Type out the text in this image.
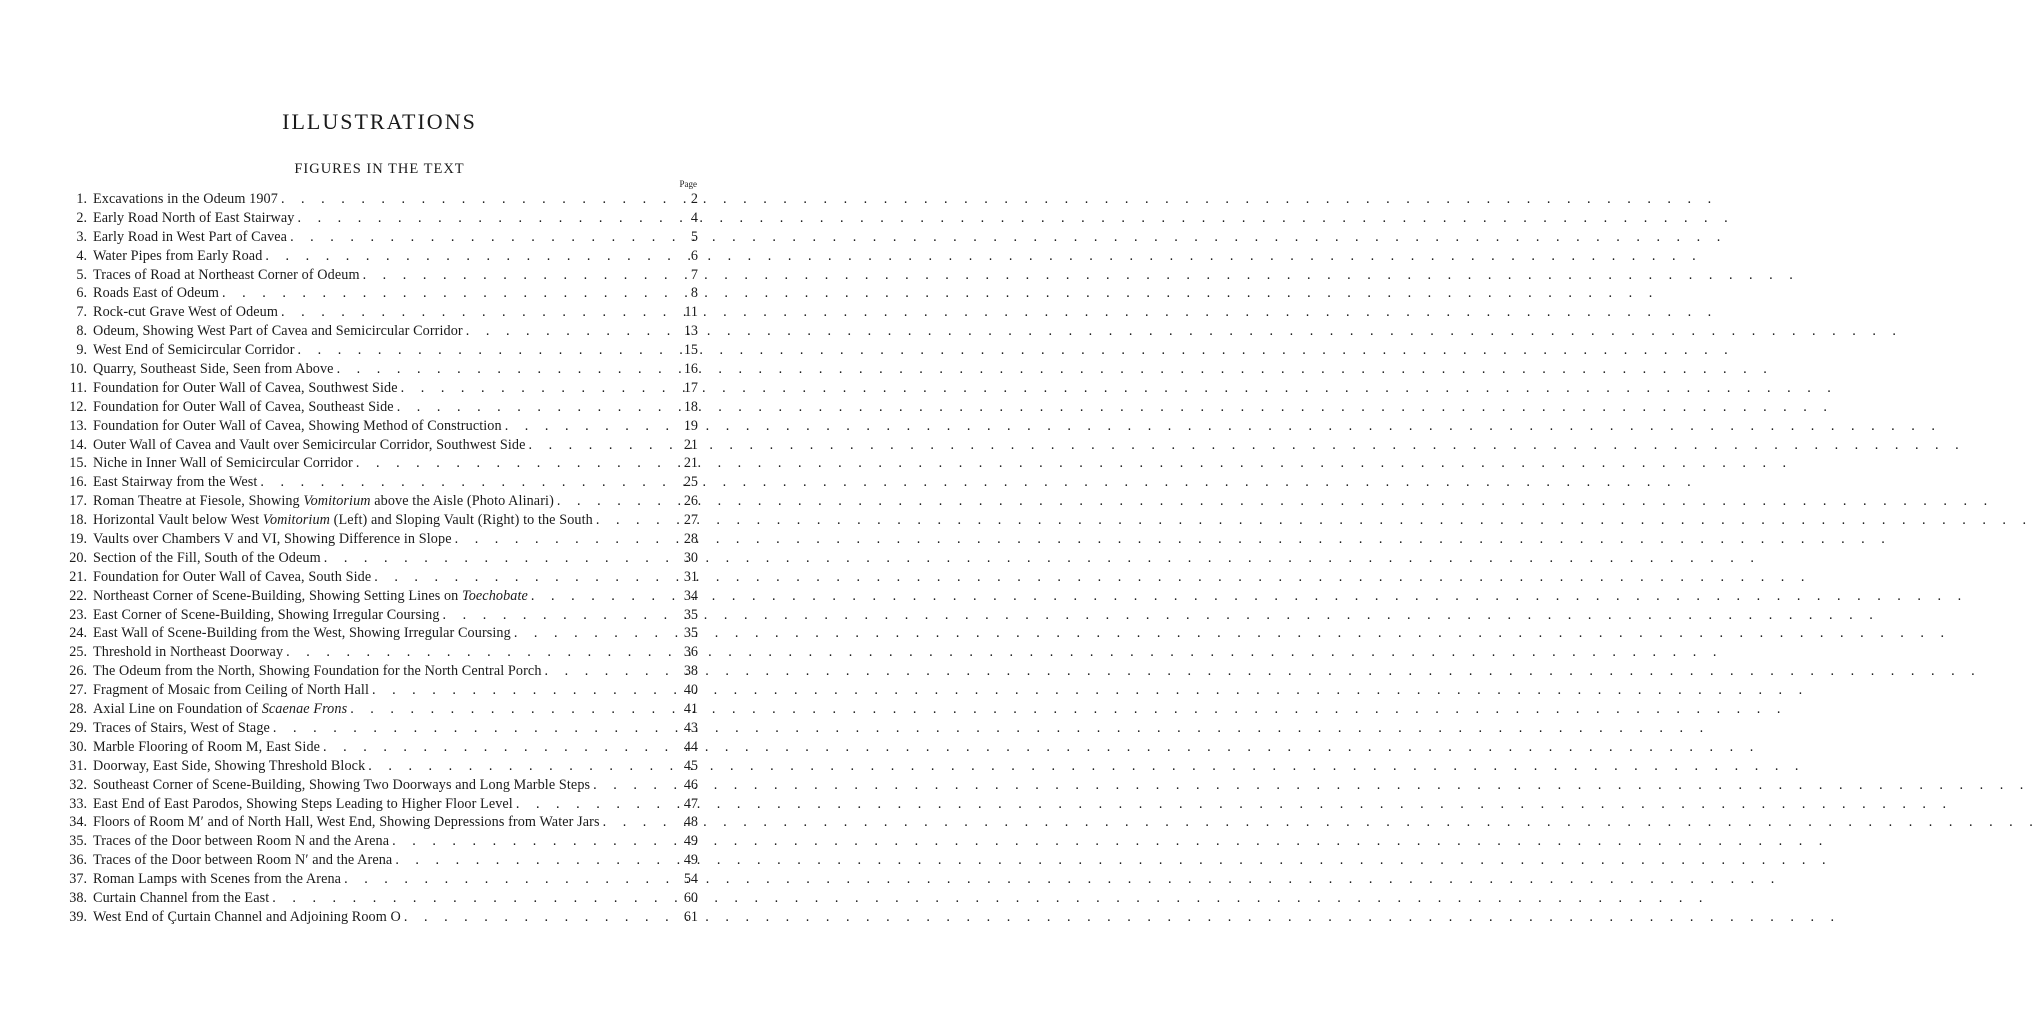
ILLUSTRATIONS
FIGURES IN THE TEXT
Page
1. Excavations in the Odeum 1907 . . .	2
2. Early Road North of East Stairway . . .	4
3. Early Road in West Part of Cavea . . .	5
4. Water Pipes from Early Road . . .	6
5. Traces of Road at Northeast Corner of Odeum . . .	7
6. Roads East of Odeum . . .	8
7. Rock-cut Grave West of Odeum . . .	11
8. Odeum, Showing West Part of Cavea and Semicircular Corridor . . .	13
9. West End of Semicircular Corridor . . .	15
10. Quarry, Southeast Side, Seen from Above . . .	16
11. Foundation for Outer Wall of Cavea, Southwest Side . . .	17
12. Foundation for Outer Wall of Cavea, Southeast Side . . .	18
13. Foundation for Outer Wall of Cavea, Showing Method of Construction . . .	19
14. Outer Wall of Cavea and Vault over Semicircular Corridor, Southwest Side . . .	21
15. Niche in Inner Wall of Semicircular Corridor . . .	21
16. East Stairway from the West . . .	25
17. Roman Theatre at Fiesole, Showing Vomitorium above the Aisle (Photo Alinari) . . .	26
18. Horizontal Vault below West Vomitorium (Left) and Sloping Vault (Right) to the South . . .	27
19. Vaults over Chambers V and VI, Showing Difference in Slope . . .	28
20. Section of the Fill, South of the Odeum . . .	30
21. Foundation for Outer Wall of Cavea, South Side . . .	31
22. Northeast Corner of Scene-Building, Showing Setting Lines on Toechobate . . .	34
23. East Corner of Scene-Building, Showing Irregular Coursing . . .	35
24. East Wall of Scene-Building from the West, Showing Irregular Coursing . . .	35
25. Threshold in Northeast Doorway . . .	36
26. The Odeum from the North, Showing Foundation for the North Central Porch . . .	38
27. Fragment of Mosaic from Ceiling of North Hall . . .	40
28. Axial Line on Foundation of Scaenae Frons . . .	41
29. Traces of Stairs, West of Stage . . .	43
30. Marble Flooring of Room M, East Side . . .	44
31. Doorway, East Side, Showing Threshold Block . . .	45
32. Southeast Corner of Scene-Building, Showing Two Doorways and Long Marble Steps . . .	46
33. East End of East Parodos, Showing Steps Leading to Higher Floor Level . . .	47
34. Floors of Room M′ and of North Hall, West End, Showing Depressions from Water Jars . . .	48
35. Traces of the Door between Room N and the Arena . . .	49
36. Traces of the Door between Room N′ and the Arena . . .	49
37. Roman Lamps with Scenes from the Arena . . .	54
38. Curtain Channel from the East . . .	60
39. West End of Çurtain Channel and Adjoining Room O . . .	61
